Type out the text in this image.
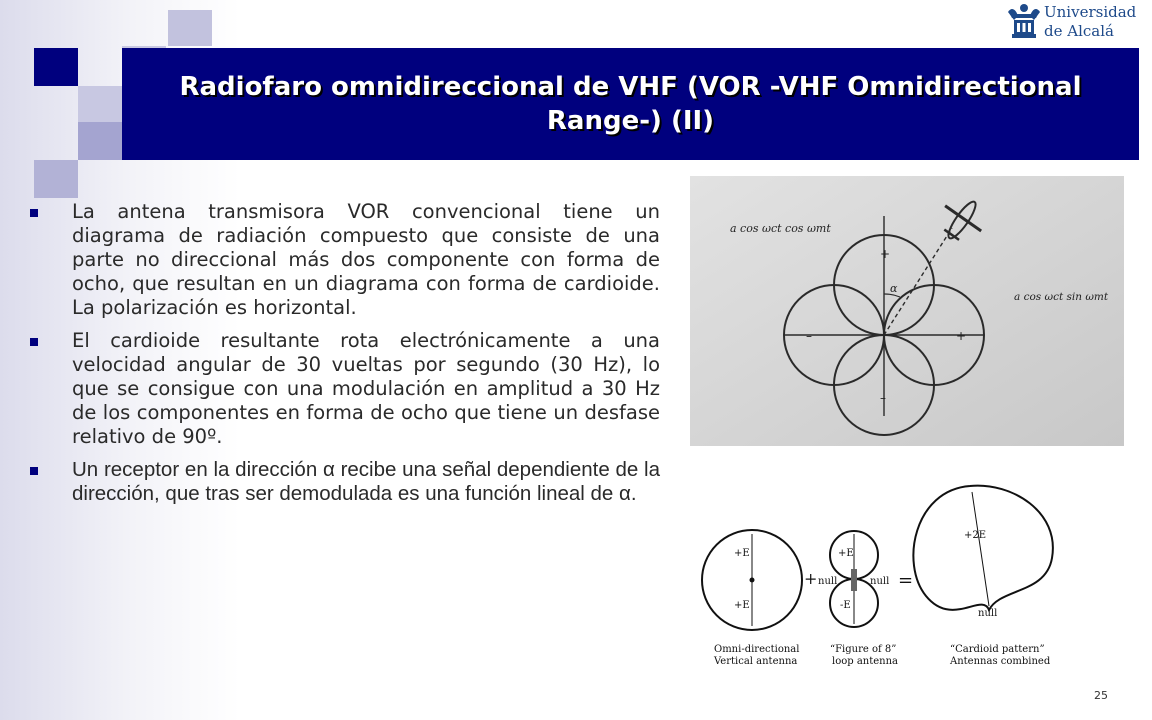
Radiofaro omnidireccional de VHF (VOR -VHF Omnidirectional Range-) (II)
Universidad
de Alcalá
La antena transmisora VOR convencional tiene un diagrama de radiación compuesto que consiste de una parte no direccional más dos componente con forma de ocho, que resultan en un diagrama con forma de cardioide. La polarización es horizontal.
El cardioide resultante rota electrónicamente a una velocidad angular de 30 vueltas por segundo (30 Hz), lo que se consigue con una modulación en amplitud a 30 Hz de los componentes en forma de ocho que tiene un desfase relativo de 90º.
Un receptor en la dirección α recibe una señal dependiente de la dirección, que tras ser demodulada es una función lineal de α.
a cos ωct cos ωmt
a cos ωct sin ωmt
α
+
+
–
–
+E
+E
+E
-E
null	null
+2E
null
+	=
Omni-directional
Vertical antenna
“Figure of 8”
loop antenna
“Cardioid pattern”
Antennas combined
25
